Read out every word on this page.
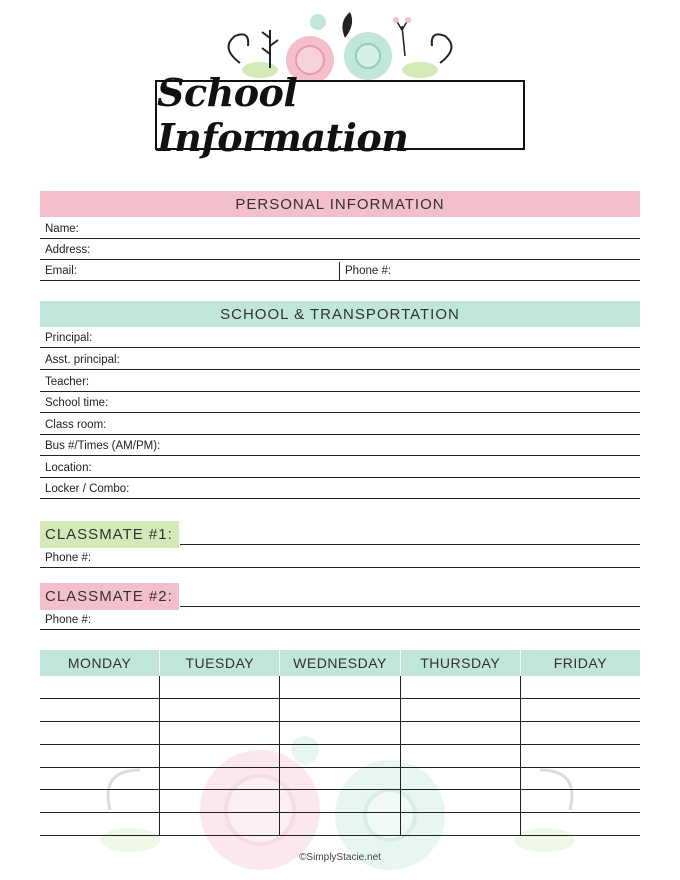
School Information
PERSONAL INFORMATION
Name:
Address:
Email:	Phone #:
SCHOOL & TRANSPORTATION
Principal:
Asst. principal:
Teacher:
School time:
Class room:
Bus #/Times (AM/PM):
Location:
Locker / Combo:
CLASSMATE #1:
Phone #:
CLASSMATE #2:
Phone #:
MONDAY	TUESDAY	WEDNESDAY	THURSDAY	FRIDAY
©SimplyStacie.net
